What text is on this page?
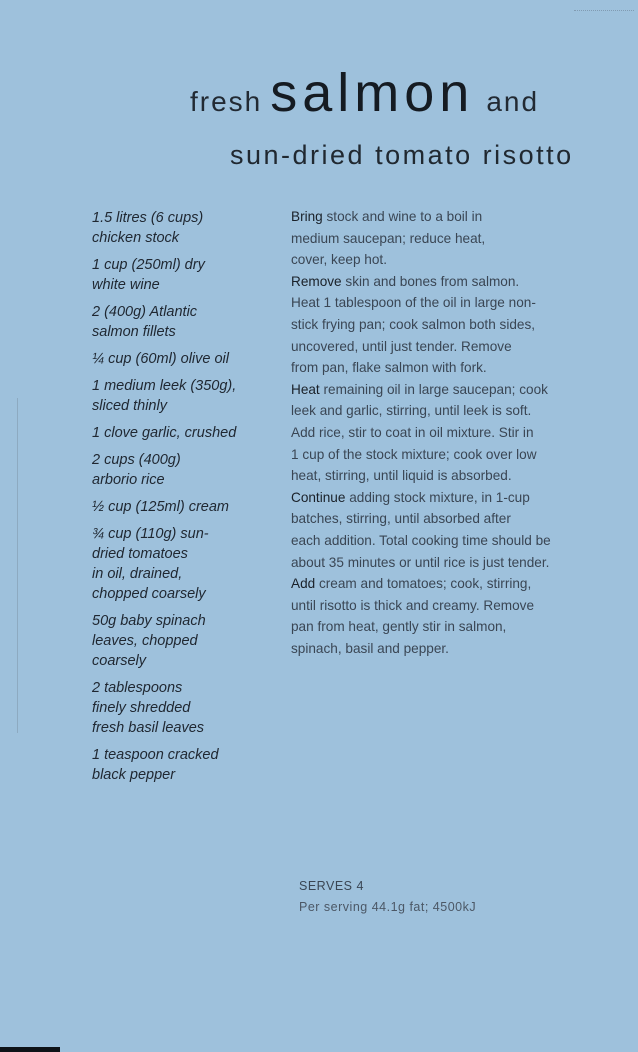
fresh salmon and
sun-dried tomato risotto

1.5 litres (6 cups)
chicken stock

1 cup (250ml) dry
white wine

2 (400g) Atlantic
salmon fillets

¼ cup (60ml) olive oil

1 medium leek (350g),
sliced thinly

1 clove garlic, crushed

2 cups (400g)
arborio rice

½ cup (125ml) cream

¾ cup (110g) sun-
dried tomatoes
in oil, drained,
chopped coarsely

50g baby spinach
leaves, chopped
coarsely

2 tablespoons
finely shredded
fresh basil leaves

1 teaspoon cracked
black pepper

Bring stock and wine to a boil in
medium saucepan; reduce heat,
cover, keep hot.

Remove skin and bones from salmon.
Heat 1 tablespoon of the oil in large non-
stick frying pan; cook salmon both sides,
uncovered, until just tender. Remove
from pan, flake salmon with fork.

Heat remaining oil in large saucepan; cook
leek and garlic, stirring, until leek is soft.
Add rice, stir to coat in oil mixture. Stir in
1 cup of the stock mixture; cook over low
heat, stirring, until liquid is absorbed.

Continue adding stock mixture, in 1-cup
batches, stirring, until absorbed after
each addition. Total cooking time should be
about 35 minutes or until rice is just tender.

Add cream and tomatoes; cook, stirring,
until risotto is thick and creamy. Remove
pan from heat, gently stir in salmon,
spinach, basil and pepper.

SERVES 4
Per serving 44.1g fat; 4500kJ
